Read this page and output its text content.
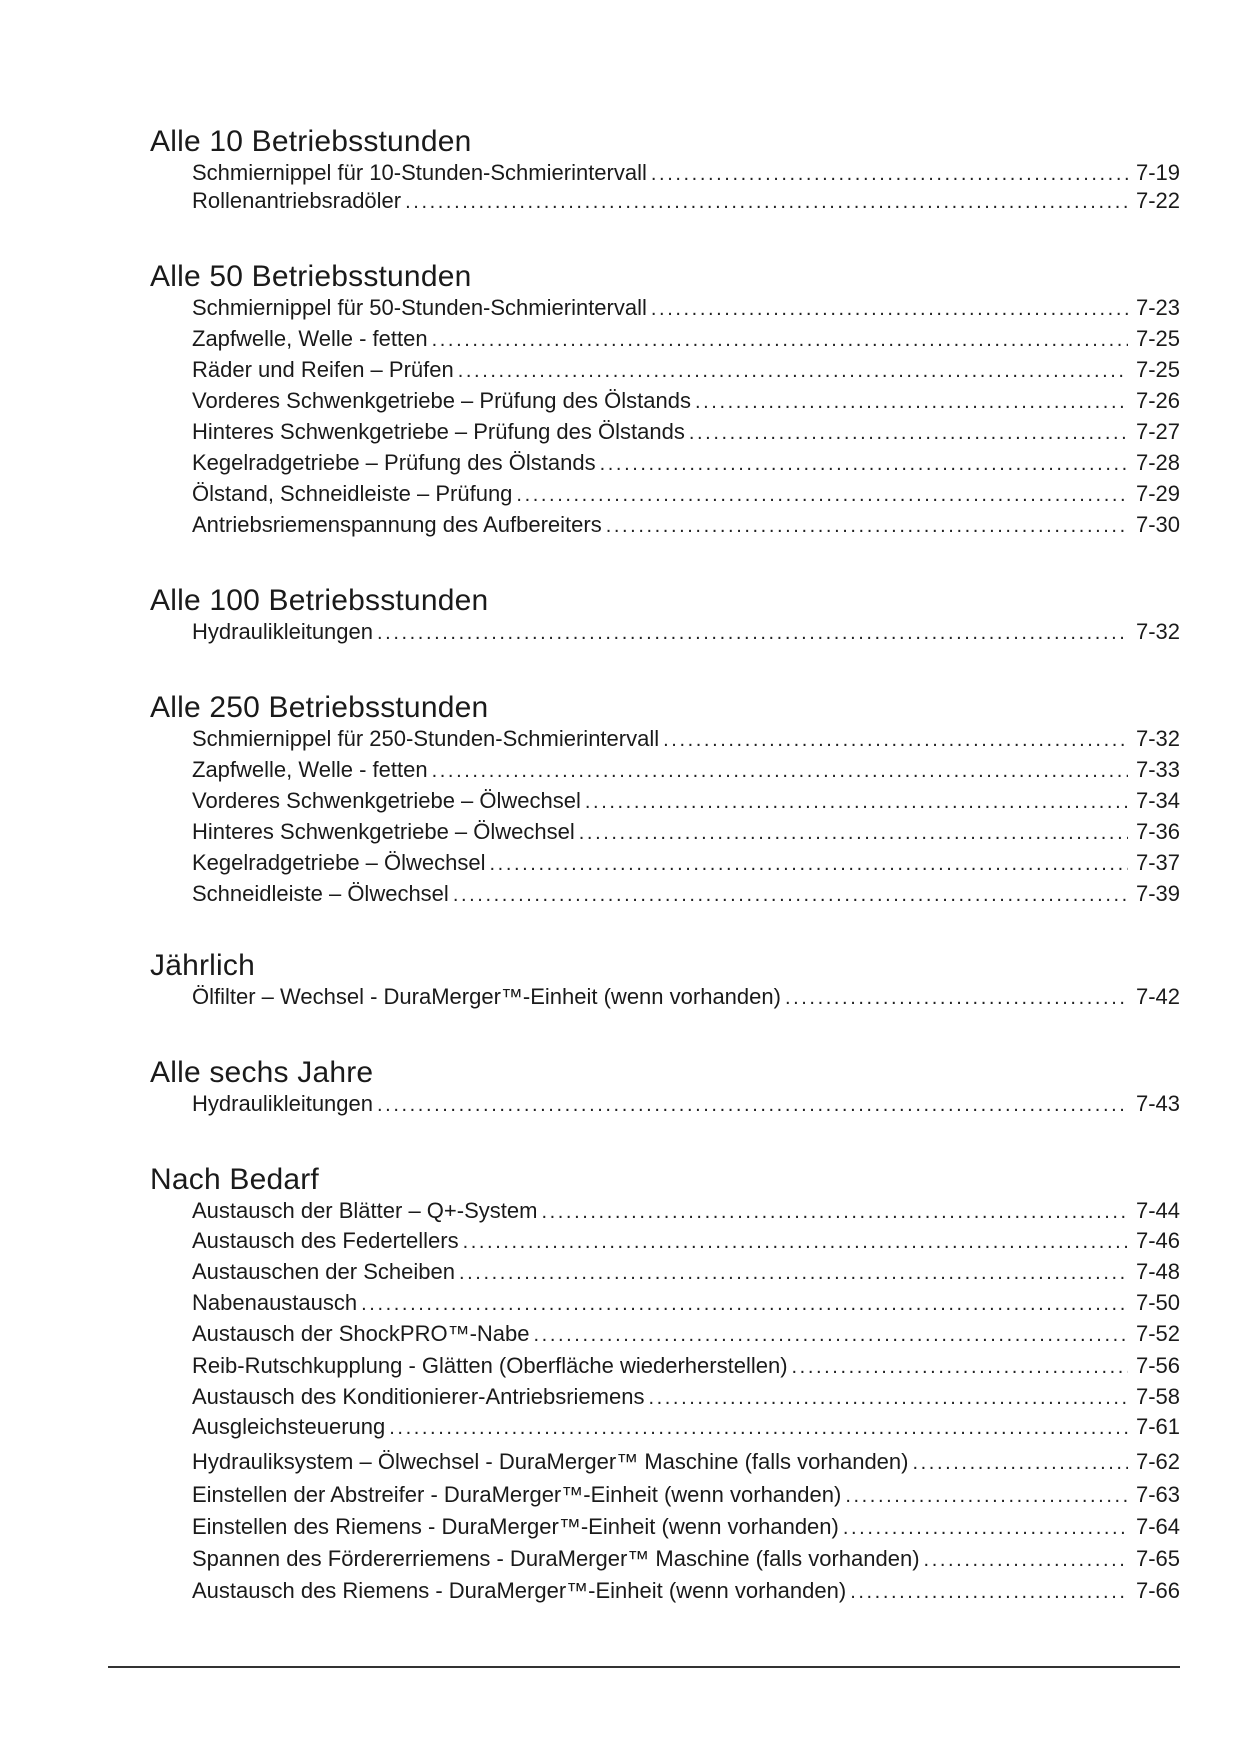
Alle 10 Betriebsstunden
Schmiernippel für 10-Stunden-Schmierintervall .....	7-19
Rollenantriebsradöler .....	7-22
Alle 50 Betriebsstunden
Schmiernippel für 50-Stunden-Schmierintervall .....	7-23
Zapfwelle, Welle - fetten .....	7-25
Räder und Reifen – Prüfen .....	7-25
Vorderes Schwenkgetriebe – Prüfung des Ölstands .....	7-26
Hinteres Schwenkgetriebe – Prüfung des Ölstands .....	7-27
Kegelradgetriebe – Prüfung des Ölstands .....	7-28
Ölstand, Schneidleiste – Prüfung .....	7-29
Antriebsriemenspannung des Aufbereiters .....	7-30
Alle 100 Betriebsstunden
Hydraulikleitungen .....	7-32
Alle 250 Betriebsstunden
Schmiernippel für 250-Stunden-Schmierintervall .....	7-32
Zapfwelle, Welle - fetten .....	7-33
Vorderes Schwenkgetriebe – Ölwechsel .....	7-34
Hinteres Schwenkgetriebe – Ölwechsel .....	7-36
Kegelradgetriebe – Ölwechsel .....	7-37
Schneidleiste – Ölwechsel .....	7-39
Jährlich
Ölfilter – Wechsel - DuraMerger™-Einheit (wenn vorhanden) .....	7-42
Alle sechs Jahre
Hydraulikleitungen .....	7-43
Nach Bedarf
Austausch der Blätter – Q+-System .....	7-44
Austausch des Federtellers .....	7-46
Austauschen der Scheiben .....	7-48
Nabenaustausch .....	7-50
Austausch der ShockPRO™-Nabe .....	7-52
Reib-Rutschkupplung - Glätten (Oberfläche wiederherstellen) .....	7-56
Austausch des Konditionierer-Antriebsriemens .....	7-58
Ausgleichsteuerung .....	7-61
Hydrauliksystem – Ölwechsel - DuraMerger™ Maschine (falls vorhanden) .....	7-62
Einstellen der Abstreifer - DuraMerger™-Einheit (wenn vorhanden) .....	7-63
Einstellen des Riemens - DuraMerger™-Einheit (wenn vorhanden) .....	7-64
Spannen des Fördererriemens - DuraMerger™ Maschine (falls vorhanden) .....	7-65
Austausch des Riemens - DuraMerger™-Einheit (wenn vorhanden) .....	7-66
